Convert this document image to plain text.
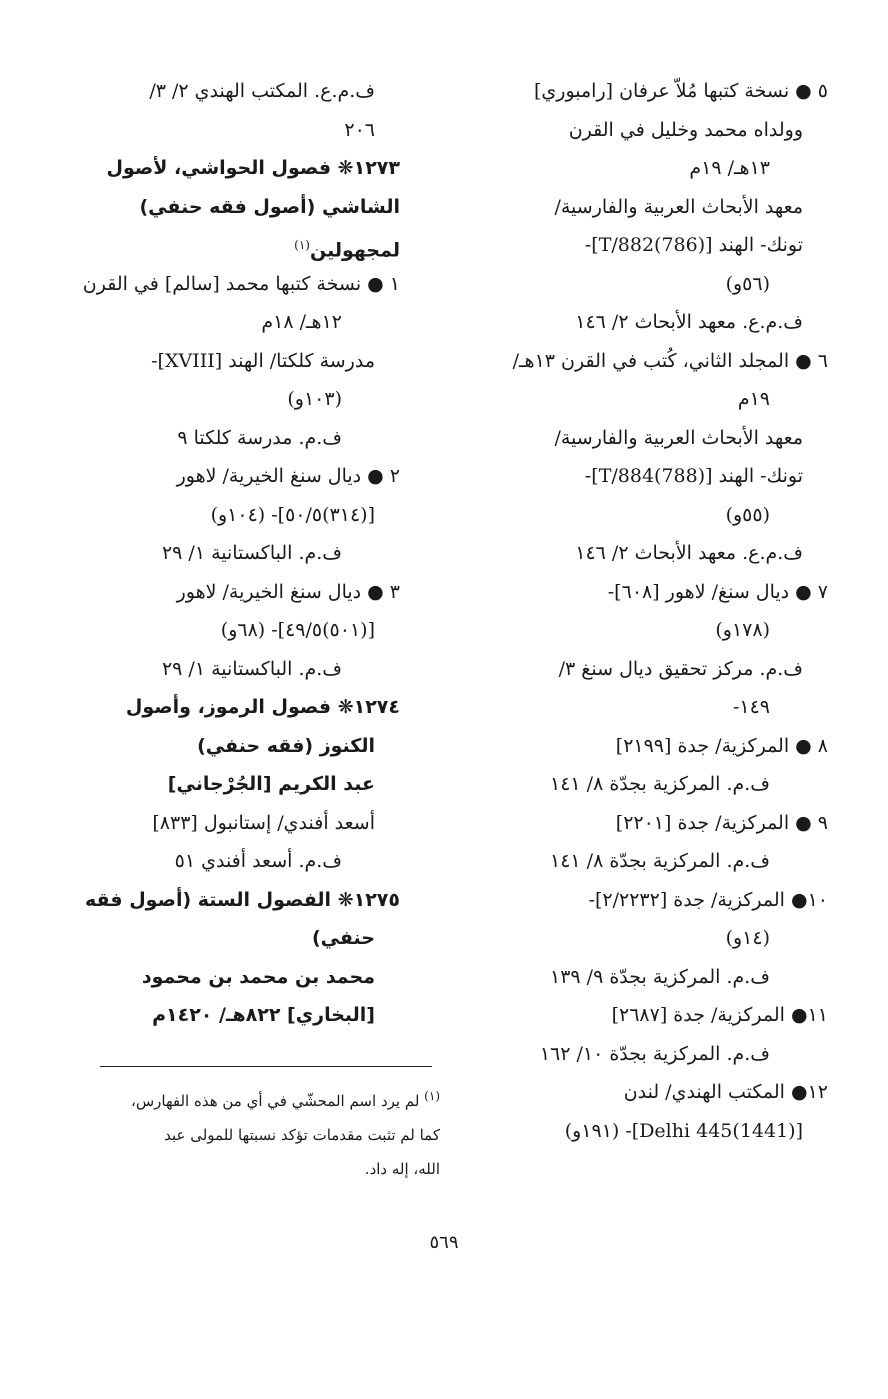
٥ ● نسخة كتبها مُلاّ عرفان [رامبوري]
وولداه محمد وخليل في القرن
١٣هـ/ ١٩م
معهد الأبحاث العربية والفارسية/
تونك- الهند [(786)T/882]-
(٥٦و)
ف.م.ع. معهد الأبحاث ٢/ ١٤٦
٦ ● المجلد الثاني، كُتب في القرن ١٣هـ/
١٩م
معهد الأبحاث العربية والفارسية/
تونك- الهند [(788)T/884]-
(٥٥و)
ف.م.ع. معهد الأبحاث ٢/ ١٤٦
٧ ● ديال سنغ/ لاهور [٦٠٨]-
(١٧٨و)
ف.م. مركز تحقيق ديال سنغ ٣/
١٤٩-
٨ ● المركزية/ جدة [٢١٩٩]
ف.م. المركزية بجدّة ٨/ ١٤١
٩ ● المركزية/ جدة [٢٢٠١]
ف.م. المركزية بجدّة ٨/ ١٤١
١٠● المركزية/ جدة [٢/٢٢٣٢]-
(١٤و)
ف.م. المركزية بجدّة ٩/ ١٣٩
١١● المركزية/ جدة [٢٦٨٧]
ف.م. المركزية بجدّة ١٠/ ١٦٢
١٢● المكتب الهندي/ لندن
[(1441)Delhi 445]- (١٩١و)
ف.م.ع. المكتب الهندي ٢/ ٣/
٢٠٦
١٢٧٣❋ فصول الحواشي، لأصول
الشاشي (أصول فقه حنفي)
لمجهولين$^{(١)}$
١ ● نسخة كتبها محمد [سالم] في القرن
١٢هـ/ ١٨م
مدرسة كلكتا/ الهند [XVIII]-
(١٠٣و)
ف.م. مدرسة كلكتا ٩
٢ ● ديال سنغ الخيرية/ لاهور
[(٣١٤)٥٠/٥]- (١٠٤و)
ف.م. الباكستانية ١/ ٢٩
٣ ● ديال سنغ الخيرية/ لاهور
[(٥٠١)٤٩/٥]- (٦٨و)
ف.م. الباكستانية ١/ ٢٩
١٢٧٤❋ فصول الرموز، وأصول
الكنوز (فقه حنفي)
عبد الكريم [الجُرْجاني]
أسعد أفندي/ إستانبول [٨٣٣]
ف.م. أسعد أفندي ٥١
١٢٧٥❋ الفصول الستة (أصول فقه
حنفي)
محمد بن محمد بن محمود
[البخاري] ٨٢٢هـ/ ١٤٢٠م
$^{(١)}$ لم يرد اسم المحشّي في أي من هذه الفهارس،
كما لم تثبت مقدمات تؤكد نسبتها للمولى عبد
الله، إله داد.
٥٦٩
